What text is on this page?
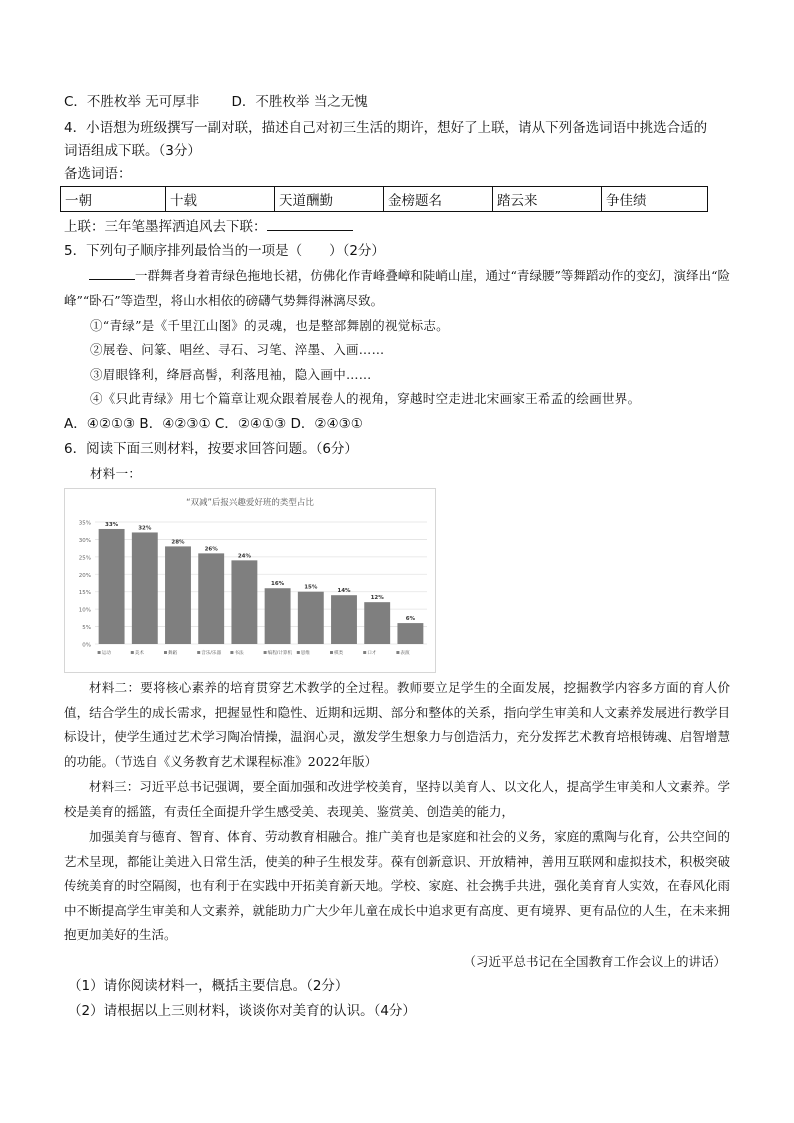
C．不胜枚举 无可厚非 D．不胜枚举 当之无愧
4．小语想为班级撰写一副对联，描述自己对初三生活的期许，想好了上联，请从下列备选词语中挑选合适的
词语组成下联。（3分）
备选词语：
一朝	十载	天道酬勤	金榜题名	踏云来	争佳绩
上联：三年笔墨挥洒追风去下联：
5．下列句子顺序排列最恰当的一项是（　　）（2分）
一群舞者身着青绿色拖地长裙，仿佛化作青峰叠嶂和陡峭山崖，通过“青绿腰”等舞蹈动作的变幻，演绎出“险峰”“卧石”等造型，将山水相依的磅礴气势舞得淋漓尽致。
①“青绿”是《千里江山图》的灵魂，也是整部舞剧的视觉标志。
②展卷、问篆、唱丝、寻石、习笔、淬墨、入画……
③眉眼锋利，绛唇高髻，利落甩袖，隐入画中……
④《只此青绿》用七个篇章让观众跟着展卷人的视角，穿越时空走进北宋画家王希孟的绘画世界。
A．④②①③ B．④②③① C．②④①③ D．②④③①
6．阅读下面三则材料，按要求回答问题。（6分）
材料一：
“双减”后报兴趣爱好班的类型占比
0%
5%
10%
15%
20%
25%
30%
35%	33%
运动
32%
美术
28%
舞蹈
26%
音乐/乐器
24%
书法
16%
编程/计算机
15%
思维
14%
棋类
12%
口才
6%
表演
材料二：要将核心素养的培育贯穿艺术教学的全过程。教师要立足学生的全面发展，挖掘教学内容多方面的育人价值，结合学生的成长需求，把握显性和隐性、近期和远期、部分和整体的关系，指向学生审美和人文素养发展进行教学目标设计，使学生通过艺术学习陶冶情操，温润心灵，激发学生想象力与创造活力，充分发挥艺术教育培根铸魂、启智增慧的功能。（节选自《义务教育艺术课程标准》2022年版）
材料三：习近平总书记强调，要全面加强和改进学校美育，坚持以美育人、以文化人，提高学生审美和人文素养。学校是美育的摇篮，有责任全面提升学生感受美、表现美、鉴赏美、创造美的能力，
加强美育与德育、智育、体育、劳动教育相融合。推广美育也是家庭和社会的义务，家庭的熏陶与化育，公共空间的艺术呈现，都能让美进入日常生活，使美的种子生根发芽。葆有创新意识、开放精神，善用互联网和虚拟技术，积极突破传统美育的时空隔阂，也有利于在实践中开拓美育新天地。学校、家庭、社会携手共进，强化美育育人实效，在春风化雨中不断提高学生审美和人文素养，就能助力广大少年儿童在成长中追求更有高度、更有境界、更有品位的人生，在未来拥抱更加美好的生活。
（习近平总书记在全国教育工作会议上的讲话）
（1）请你阅读材料一，概括主要信息。（2分）
（2）请根据以上三则材料，谈谈你对美育的认识。（4分）
